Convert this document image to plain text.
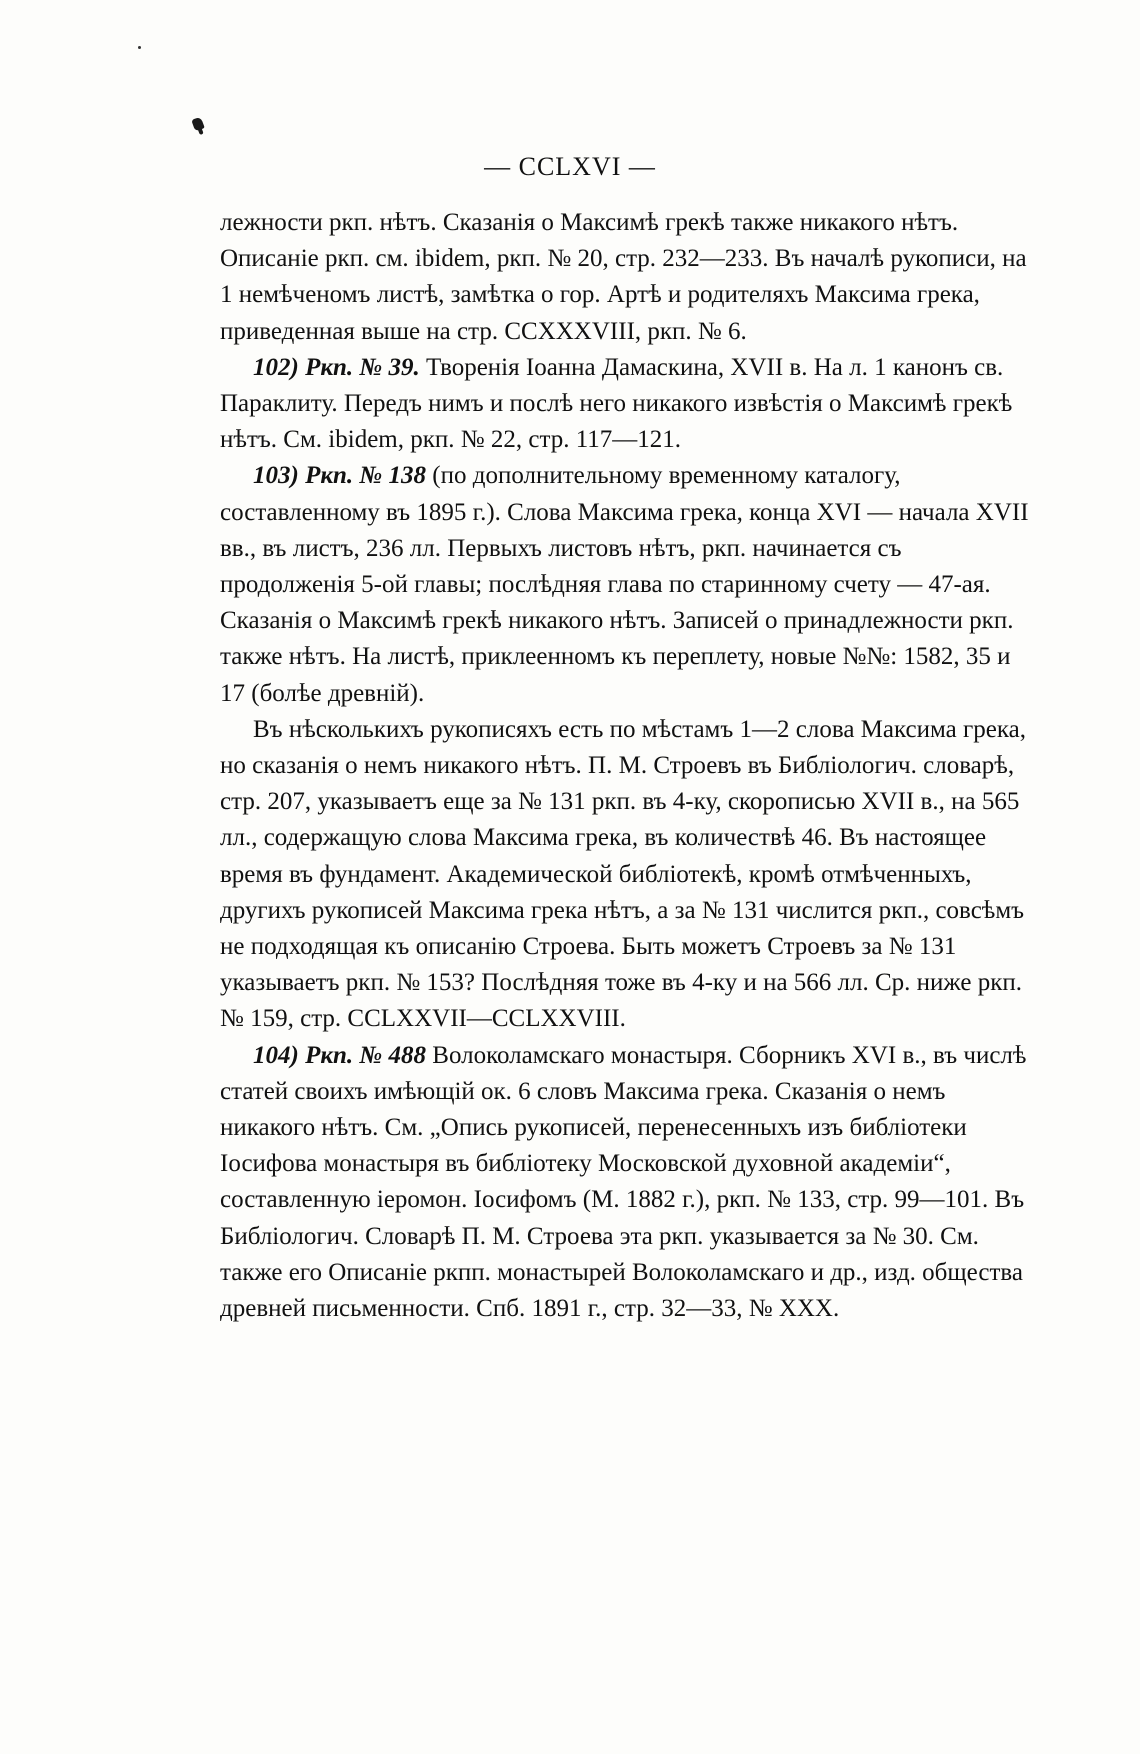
— CCLXVI —

лежности ркп. нѣтъ. Сказанія о Максимѣ грекѣ также никакого нѣтъ. Описаніе ркп. см. ibidem, ркп. № 20, стр. 232—233. Въ началѣ рукописи, на 1 немѣченомъ листѣ, замѣтка о гор. Артѣ и родителяхъ Максима грека, приведенная выше на стр. CCXXXVIII, ркп. № 6.

102) Ркп. № 39. Творенія Іоанна Дамаскина, XVII в. На л. 1 канонъ св. Параклиту. Передъ нимъ и послѣ него никакого извѣстія о Максимѣ грекѣ нѣтъ. См. ibidem, ркп. № 22, стр. 117—121.

103) Ркп. № 138 (по дополнительному временному каталогу, составленному въ 1895 г.). Слова Максима грека, конца XVI — начала XVII вв., въ листъ, 236 лл. Первыхъ листовъ нѣтъ, ркп. начинается съ продолженія 5-ой главы; послѣдняя глава по старинному счету — 47-ая. Сказанія о Максимѣ грекѣ никакого нѣтъ. Записей о принадлежности ркп. также нѣтъ. На листѣ, приклеенномъ къ переплету, новые №№: 1582, 35 и 17 (болѣе древній).

Въ нѣсколькихъ рукописяхъ есть по мѣстамъ 1—2 слова Максима грека, но сказанія о немъ никакого нѣтъ. П. М. Строевъ въ Библіологич. словарѣ, стр. 207, указываетъ еще за № 131 ркп. въ 4-ку, скорописью XVII в., на 565 лл., содержащую слова Максима грека, въ количествѣ 46. Въ настоящее время въ фундамент. Академической библіотекѣ, кромѣ отмѣченныхъ, другихъ рукописей Максима грека нѣтъ, а за № 131 числится ркп., совсѣмъ не подходящая къ описанію Строева. Быть можетъ Строевъ за № 131 указываетъ ркп. № 153? Послѣдняя тоже въ 4-ку и на 566 лл. Ср. ниже ркп. № 159, стр. CCLXXVII—CCLXXVIII.

104) Ркп. № 488 Волоколамскаго монастыря. Сборникъ XVI в., въ числѣ статей своихъ имѣющій ок. 6 словъ Максима грека. Сказанія о немъ никакого нѣтъ. См. „Опись рукописей, перенесенныхъ изъ библіотеки Іосифова монастыря въ библіотеку Московской духовной академіи“, составленную іеромон. Іосифомъ (М. 1882 г.), ркп. № 133, стр. 99—101. Въ Библіологич. Словарѣ П. М. Строева эта ркп. указывается за № 30. См. также его Описаніе ркпп. монастырей Волоколамскаго и др., изд. общества древней письменности. Спб. 1891 г., стр. 32—33, № XXX.
